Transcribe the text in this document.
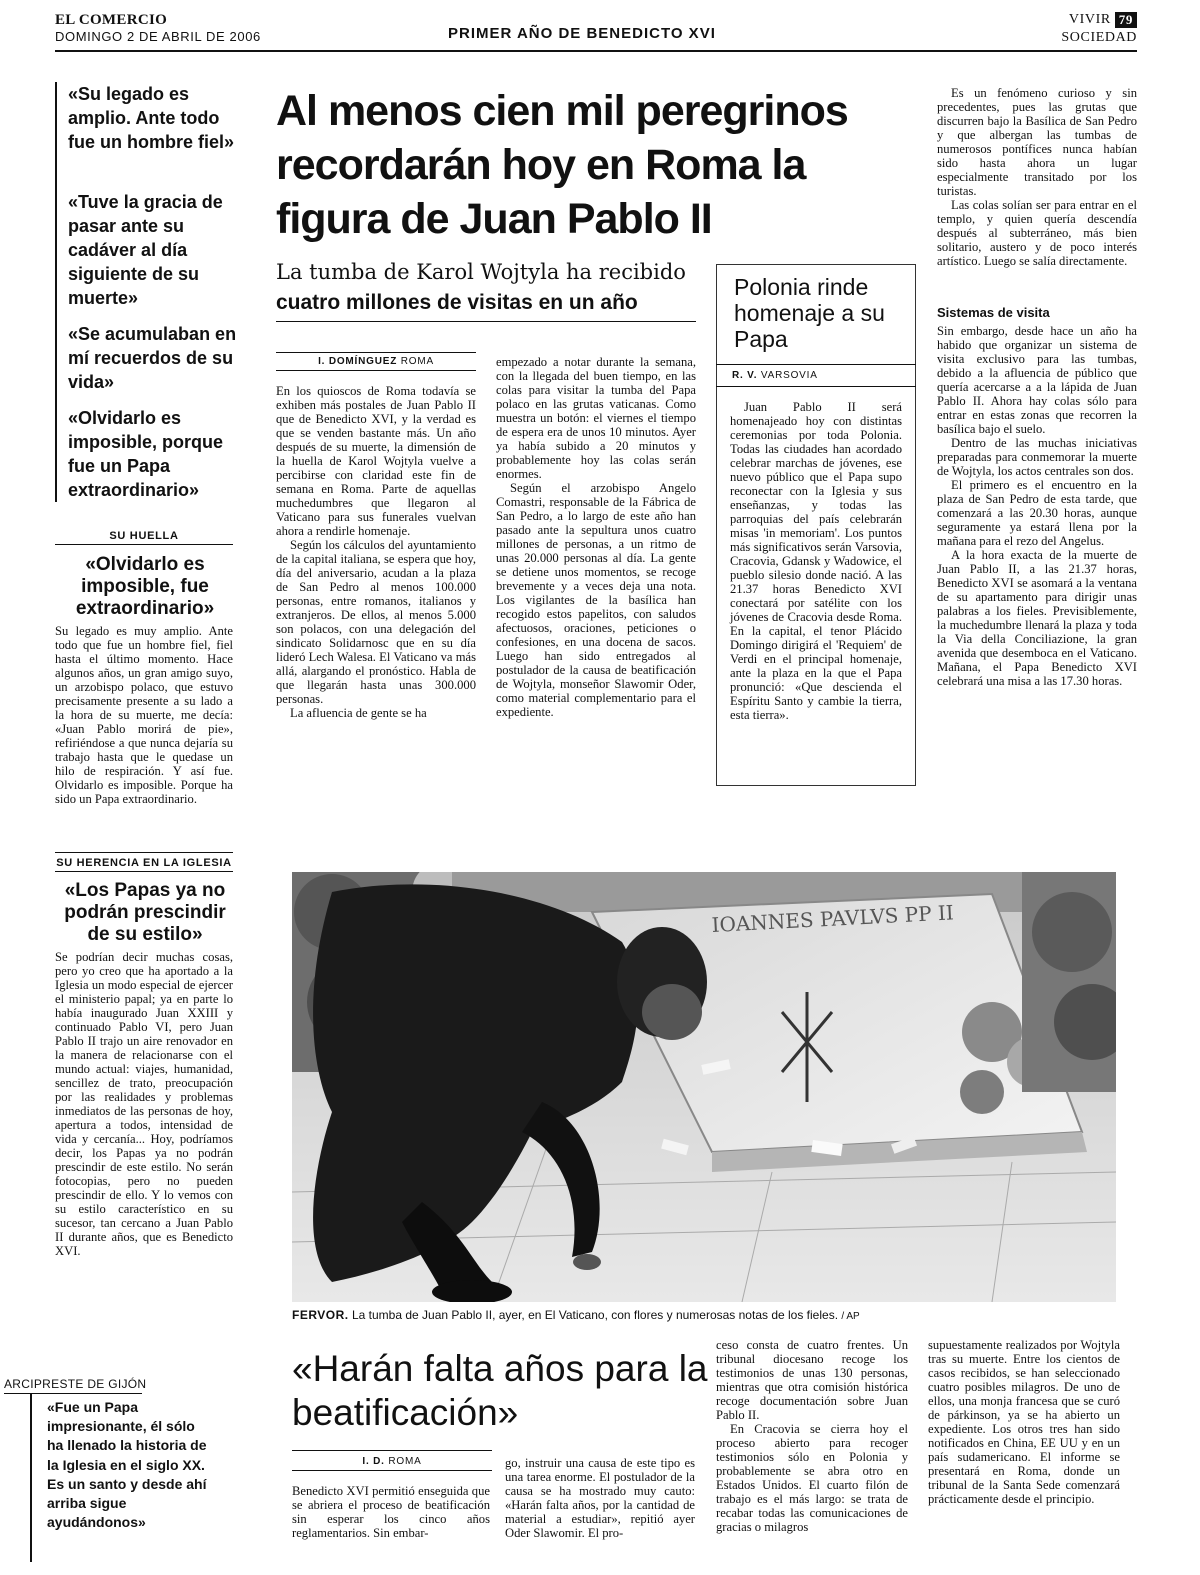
EL COMERCIO
DOMINGO 2 DE ABRIL DE 2006	PRIMER AÑO DE BENEDICTO XVI
VIVIR 79
SOCIEDAD
«Su legado es amplio. Ante todo fue un hombre fiel»
«Tuve la gracia de pasar ante su cadáver al día siguiente de su muerte»
«Se acumulaban en mí recuerdos de su vida»
«Olvidarlo es imposible, porque fue un Papa extraordinario»
SU HUELLA
«Olvidarlo es imposible, fue extraordinario»

Su legado es muy amplio. Ante todo que fue un hombre fiel, fiel hasta el último momento. Hace algunos años, un gran amigo suyo, un arzobispo polaco, que estuvo precisamente presente a su lado a la hora de su muerte, me decía: «Juan Pablo morirá de pie», refiriéndose a que nunca dejaría su trabajo hasta que le quedase un hilo de respiración. Y así fue. Olvidarlo es imposible. Porque ha sido un Papa extraordinario.

SU HERENCIA EN LA IGLESIA
«Los Papas ya no podrán prescindir de su estilo»

Se podrían decir muchas cosas, pero yo creo que ha aportado a la Iglesia un modo especial de ejercer el ministerio papal; ya en parte lo había inaugurado Juan XXIII y continuado Pablo VI, pero Juan Pablo II trajo un aire renovador en la manera de relacionarse con el mundo actual: viajes, humanidad, sencillez de trato, preocupación por las realidades y problemas inmediatos de las personas de hoy, apertura a todos, intensidad de vida y cercanía... Hoy, podríamos decir, los Papas ya no podrán prescindir de este estilo. No serán fotocopias, pero no pueden prescindir de ello. Y lo vemos con su estilo característico en su sucesor, tan cercano a Juan Pablo II durante años, que es Benedicto XVI.

Al menos cien mil peregrinos recordarán hoy en Roma la figura de Juan Pablo II
La tumba de Karol Wojtyla ha recibido
cuatro millones de visitas en un año
I. DOMÍNGUEZ ROMA

En los quioscos de Roma todavía se exhiben más postales de Juan Pablo II que de Benedicto XVI, y la verdad es que se venden bastante más. Un año después de su muerte, la dimensión de la huella de Karol Wojtyla vuelve a percibirse con claridad este fin de semana en Roma. Parte de aquellas muchedumbres que llegaron al Vaticano para sus funerales vuelvan ahora a rendirle homenaje.

Según los cálculos del ayuntamiento de la capital italiana, se espera que hoy, día del aniversario, acudan a la plaza de San Pedro al menos 100.000 personas, entre romanos, italianos y extranjeros. De ellos, al menos 5.000 son polacos, con una delegación del sindicato Solidarnosc que en su día lideró Lech Walesa. El Vaticano va más allá, alargando el pronóstico. Habla de que llegarán hasta unas 300.000 personas.

La afluencia de gente se ha

empezado a notar durante la semana, con la llegada del buen tiempo, en las colas para visitar la tumba del Papa polaco en las grutas vaticanas. Como muestra un botón: el viernes el tiempo de espera era de unos 10 minutos. Ayer ya había subido a 20 minutos y probablemente hoy las colas serán enormes.

Según el arzobispo Angelo Comastri, responsable de la Fábrica de San Pedro, a lo largo de este año han pasado ante la sepultura unos cuatro millones de personas, a un ritmo de unas 20.000 personas al día. La gente se detiene unos momentos, se recoge brevemente y a veces deja una nota. Los vigilantes de la basílica han recogido estos papelitos, con saludos afectuosos, oraciones, peticiones o confesiones, en una docena de sacos. Luego han sido entregados al postulador de la causa de beatificación de Wojtyla, monseñor Slawomir Oder, como material complementario para el expediente.

Polonia rinde homenaje a su Papa
R. V. VARSOVIA

Juan Pablo II será homenajeado hoy con distintas ceremonias por toda Polonia. Todas las ciudades han acordado celebrar marchas de jóvenes, ese nuevo público que el Papa supo reconectar con la Iglesia y sus enseñanzas, y todas las parroquias del país celebrarán misas 'in memoriam'. Los puntos más significativos serán Varsovia, Cracovia, Gdansk y Wadowice, el pueblo silesio donde nació. A las 21.37 horas Benedicto XVI conectará por satélite con los jóvenes de Cracovia desde Roma. En la capital, el tenor Plácido Domingo dirigirá el 'Requiem' de Verdi en el principal homenaje, ante la plaza en la que el Papa pronunció: «Que descienda el Espíritu Santo y cambie la tierra, esta tierra».

Es un fenómeno curioso y sin precedentes, pues las grutas que discurren bajo la Basílica de San Pedro y que albergan las tumbas de numerosos pontífices nunca habían sido hasta ahora un lugar especialmente transitado por los turistas.

Las colas solían ser para entrar en el templo, y quien quería descendía después al subterráneo, más bien solitario, austero y de poco interés artístico. Luego se salía directamente.

Sistemas de visita

Sin embargo, desde hace un año ha habido que organizar un sistema de visita exclusivo para las tumbas, debido a la afluencia de público que quería acercarse a a la lápida de Juan Pablo II. Ahora hay colas sólo para entrar en estas zonas que recorren la basílica bajo el suelo.

Dentro de las muchas iniciativas preparadas para conmemorar la muerte de Wojtyla, los actos centrales son dos.

El primero es el encuentro en la plaza de San Pedro de esta tarde, que comenzará a las 20.30 horas, aunque seguramente ya estará llena por la mañana para el rezo del Angelus.

A la hora exacta de la muerte de Juan Pablo II, a las 21.37 horas, Benedicto XVI se asomará a la ventana de su apartamento para dirigir unas palabras a los fieles. Previsiblemente, la muchedumbre llenará la plaza y toda la Via della Conciliazione, la gran avenida que desemboca en el Vaticano. Mañana, el Papa Benedicto XVI celebrará una misa a las 17.30 horas.

IOANNES PAVLVS PP II
FERVOR. La tumba de Juan Pablo II, ayer, en El Vaticano, con flores y numerosas notas de los fieles. / AP
«Harán falta años para la beatificación»
I. D. ROMA

Benedicto XVI permitió enseguida que se abriera el proceso de beatificación sin esperar los cinco años reglamentarios. Sin embar-

go, instruir una causa de este tipo es una tarea enorme. El postulador de la causa se ha mostrado muy cauto: «Harán falta años, por la cantidad de material a estudiar», repitió ayer Oder Slawomir. El pro-

ceso consta de cuatro frentes. Un tribunal diocesano recoge los testimonios de unas 130 personas, mientras que otra comisión histórica recoge documentación sobre Juan Pablo II.

En Cracovia se cierra hoy el proceso abierto para recoger testimonios sólo en Polonia y probablemente se abra otro en Estados Unidos. El cuarto filón de trabajo es el más largo: se trata de recabar todas las comunicaciones de gracias o milagros

supuestamente realizados por Wojtyla tras su muerte. Entre los cientos de casos recibidos, se han seleccionado cuatro posibles milagros. De uno de ellos, una monja francesa que se curó de párkinson, ya se ha abierto un expediente. Los otros tres han sido notificados en China, EE UU y en un país sudamericano. El informe se presentará en Roma, donde un tribunal de la Santa Sede comenzará prácticamente desde el principio.

ARCIPRESTE DE GIJÓN
«Fue un Papa impresionante, él sólo ha llenado la historia de la Iglesia en el siglo XX. Es un santo y desde ahí arriba sigue ayudándonos»
